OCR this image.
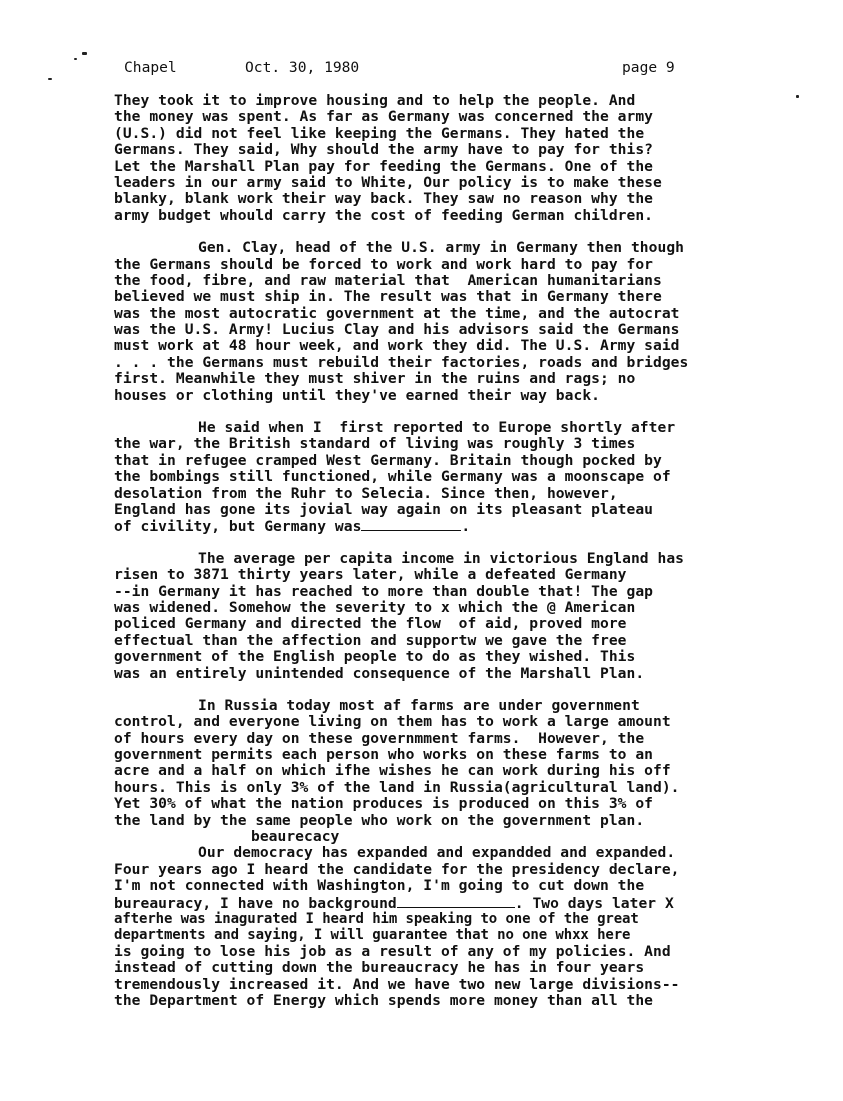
Chapel

	Oct. 30, 1980

	page 9

They took it to improve housing and to help the people. And
the money was spent. As far as Germany was concerned the army
(U.S.) did not feel like keeping the Germans. They hated the
Germans. They said, Why should the army have to pay for this?
Let the Marshall Plan pay for feeding the Germans. One of the
leaders in our army said to White, Our policy is to make these
blanky, blank work their way back. They saw no reason why the
army budget whould carry the cost of feeding German children.
Gen. Clay, head of the U.S. army in Germany then though
the Germans should be forced to work and work hard to pay for
the food, fibre, and raw material that  American humanitarians
believed we must ship in. The result was that in Germany there
was the most autocratic government at the time, and the autocrat
was the U.S. Army! Lucius Clay and his advisors said the Germans
must work at 48 hour week, and work they did. The U.S. Army said
. . . the Germans must rebuild their factories, roads and bridges
first. Meanwhile they must shiver in the ruins and rags; no
houses or clothing until they've earned their way back.
He said when I  first reported to Europe shortly after
the war, the British standard of living was roughly 3 times
that in refugee cramped West Germany. Britain though pocked by
the bombings still functioned, while Germany was a moonscape of
desolation from the Ruhr to Selecia. Since then, however,
England has gone its jovial way again on its pleasant plateau
of civility, but Germany was	.
The average per capita income in victorious England has
risen to 3871 thirty years later, while a defeated Germany
--in Germany it has reached to more than double that! The gap
was widened. Somehow the severity to x which the @ American
policed Germany and directed the flow  of aid, proved more
effectual than the affection and supportw we gave the free
government of the English people to do as they wished. This
was an entirely unintended consequence of the Marshall Plan.
In Russia today most af farms are under government
control, and everyone living on them has to work a large amount
of hours every day on these governmment farms.  However, the
government permits each person who works on these farms to an
acre and a half on which ifhe wishes he can work during his off
hours. This is only 3% of the land in Russia(agricultural land).
Yet 30% of what the nation produces is produced on this 3% of
the land by the same people who work on the government plan.
beaurecacy
Our democracy has expanded and expandded and expanded.
Four years ago I heard the candidate for the presidency declare,
I'm not connected with Washington, I'm going to cut down the
bureauracy, I have no background	. Two days later X
afterhe was inagurated I heard him speaking to one of the great
departments and saying, I will guarantee that no one whxx here
is going to lose his job as a result of any of my policies. And
instead of cutting down the bureaucracy he has in four years
tremendously increased it. And we have two new large divisions--
the Department of Energy which spends more money than all the
